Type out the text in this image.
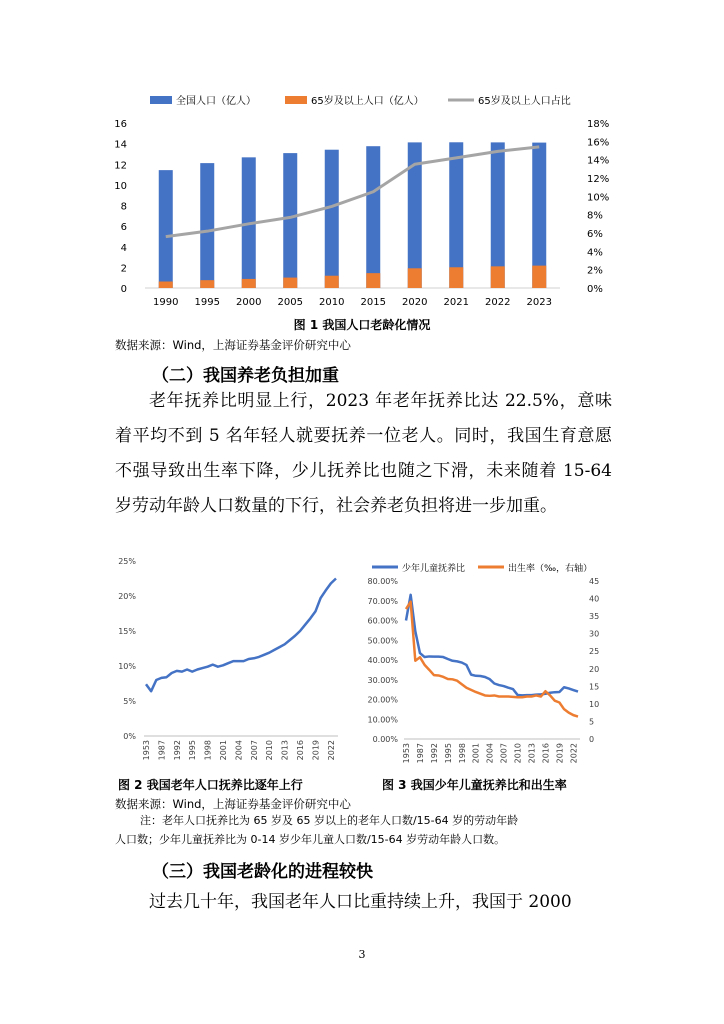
全国人口（亿人）	65岁及以上人口（亿人）	65岁及以上人口占比
0
2
4
6
8
10
12
14
16
0%
2%
4%
6%
8%
10%
12%
14%
16%
18%
1990 1995 2000 2005 2010 2015 2020 2021 2022 2023
图 1 我国人口老龄化情况
数据来源：Wind，上海证券基金评价研究中心
（二）我国养老负担加重
老年抚养比明显上行，2023 年老年抚养比达 22.5%，意味着平均不到 5 名年轻人就要抚养一位老人。同时，我国生育意愿不强导致出生率下降，少儿抚养比也随之下滑，未来随着 15-64 岁劳动年龄人口数量的下行，社会养老负担将进一步加重。
0%
5%
10%
15%
20%
25%
1953 1987 1992 1995 1998 2001 2004 2007 2010 2013 2016 2019 2022
少年儿童抚养比	出生率（‰，右轴）
0.00%
10.00%
20.00%
30.00%
40.00%
50.00%
60.00%
70.00%
80.00%
0
5
10
15
20
25
30
35
40
45
1953 1987 1992 1995 1998 2001 2004 2007 2010 2013 2016 2019 2022
图 2 我国老年人口抚养比逐年上行	图 3 我国少年儿童抚养比和出生率
数据来源：Wind，上海证券基金评价研究中心
注：老年人口抚养比为 65 岁及 65 岁以上的老年人口数/15-64 岁的劳动年龄
人口数；少年儿童抚养比为 0-14 岁少年儿童人口数/15-64 岁劳动年龄人口数。
（三）我国老龄化的进程较快
过去几十年，我国老年人口比重持续上升，我国于 2000
3
